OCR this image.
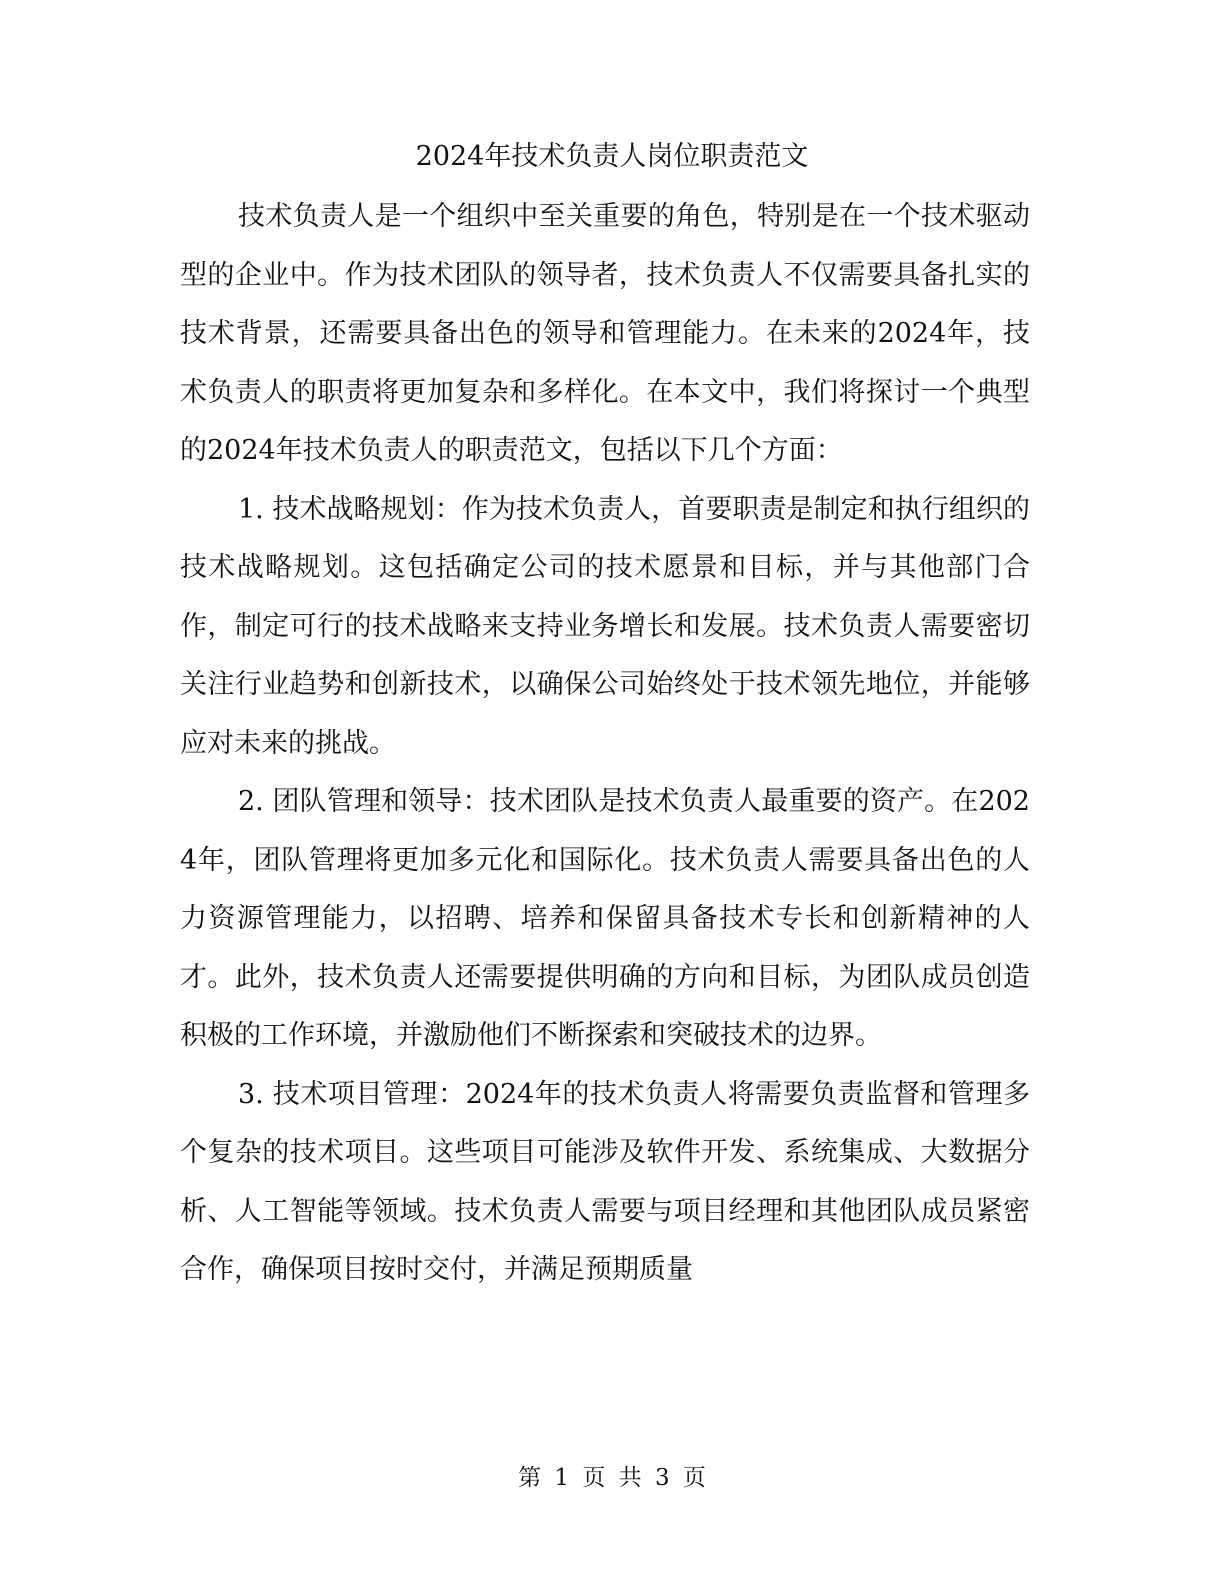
2024年技术负责人岗位职责范文

技术负责人是一个组织中至关重要的角色，特别是在一个技术驱动型的企业中。作为技术团队的领导者，技术负责人不仅需要具备扎实的技术背景，还需要具备出色的领导和管理能力。在未来的2024年，技术负责人的职责将更加复杂和多样化。在本文中，我们将探讨一个典型的2024年技术负责人的职责范文，包括以下几个方面：

1. 技术战略规划：作为技术负责人，首要职责是制定和执行组织的技术战略规划。这包括确定公司的技术愿景和目标，并与其他部门合作，制定可行的技术战略来支持业务增长和发展。技术负责人需要密切关注行业趋势和创新技术，以确保公司始终处于技术领先地位，并能够应对未来的挑战。

2. 团队管理和领导：技术团队是技术负责人最重要的资产。在2024年，团队管理将更加多元化和国际化。技术负责人需要具备出色的人力资源管理能力，以招聘、培养和保留具备技术专长和创新精神的人才。此外，技术负责人还需要提供明确的方向和目标，为团队成员创造积极的工作环境，并激励他们不断探索和突破技术的边界。

3. 技术项目管理：2024年的技术负责人将需要负责监督和管理多个复杂的技术项目。这些项目可能涉及软件开发、系统集成、大数据分析、人工智能等领域。技术负责人需要与项目经理和其他团队成员紧密合作，确保项目按时交付，并满足预期质量

第 1 页 共 3 页
